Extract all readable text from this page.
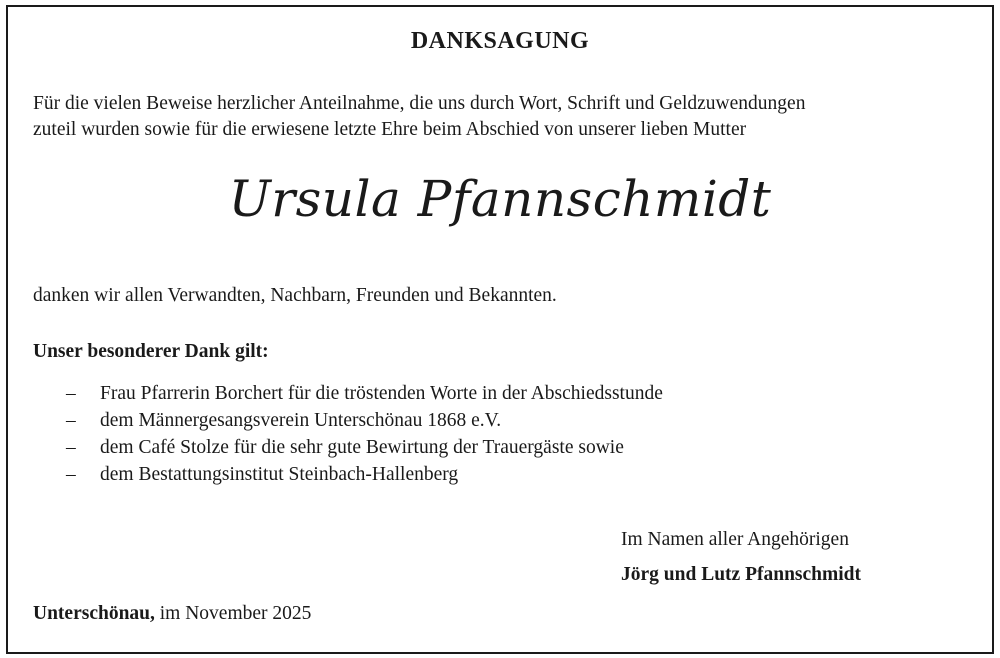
DANKSAGUNG
Für die vielen Beweise herzlicher Anteilnahme, die uns durch Wort, Schrift und Geldzuwendungen
zuteil wurden sowie für die erwiesene letzte Ehre beim Abschied von unserer lieben Mutter
Ursula Pfannschmidt
danken wir allen Verwandten, Nachbarn, Freunden und Bekannten.
Unser besonderer Dank gilt:
– Frau Pfarrerin Borchert für die tröstenden Worte in der Abschiedsstunde
– dem Männergesangsverein Unterschönau 1868 e.V.
– dem Café Stolze für die sehr gute Bewirtung der Trauergäste sowie
– dem Bestattungsinstitut Steinbach-Hallenberg
Im Namen aller Angehörigen
Jörg und Lutz Pfannschmidt
Unterschönau, im November 2025
